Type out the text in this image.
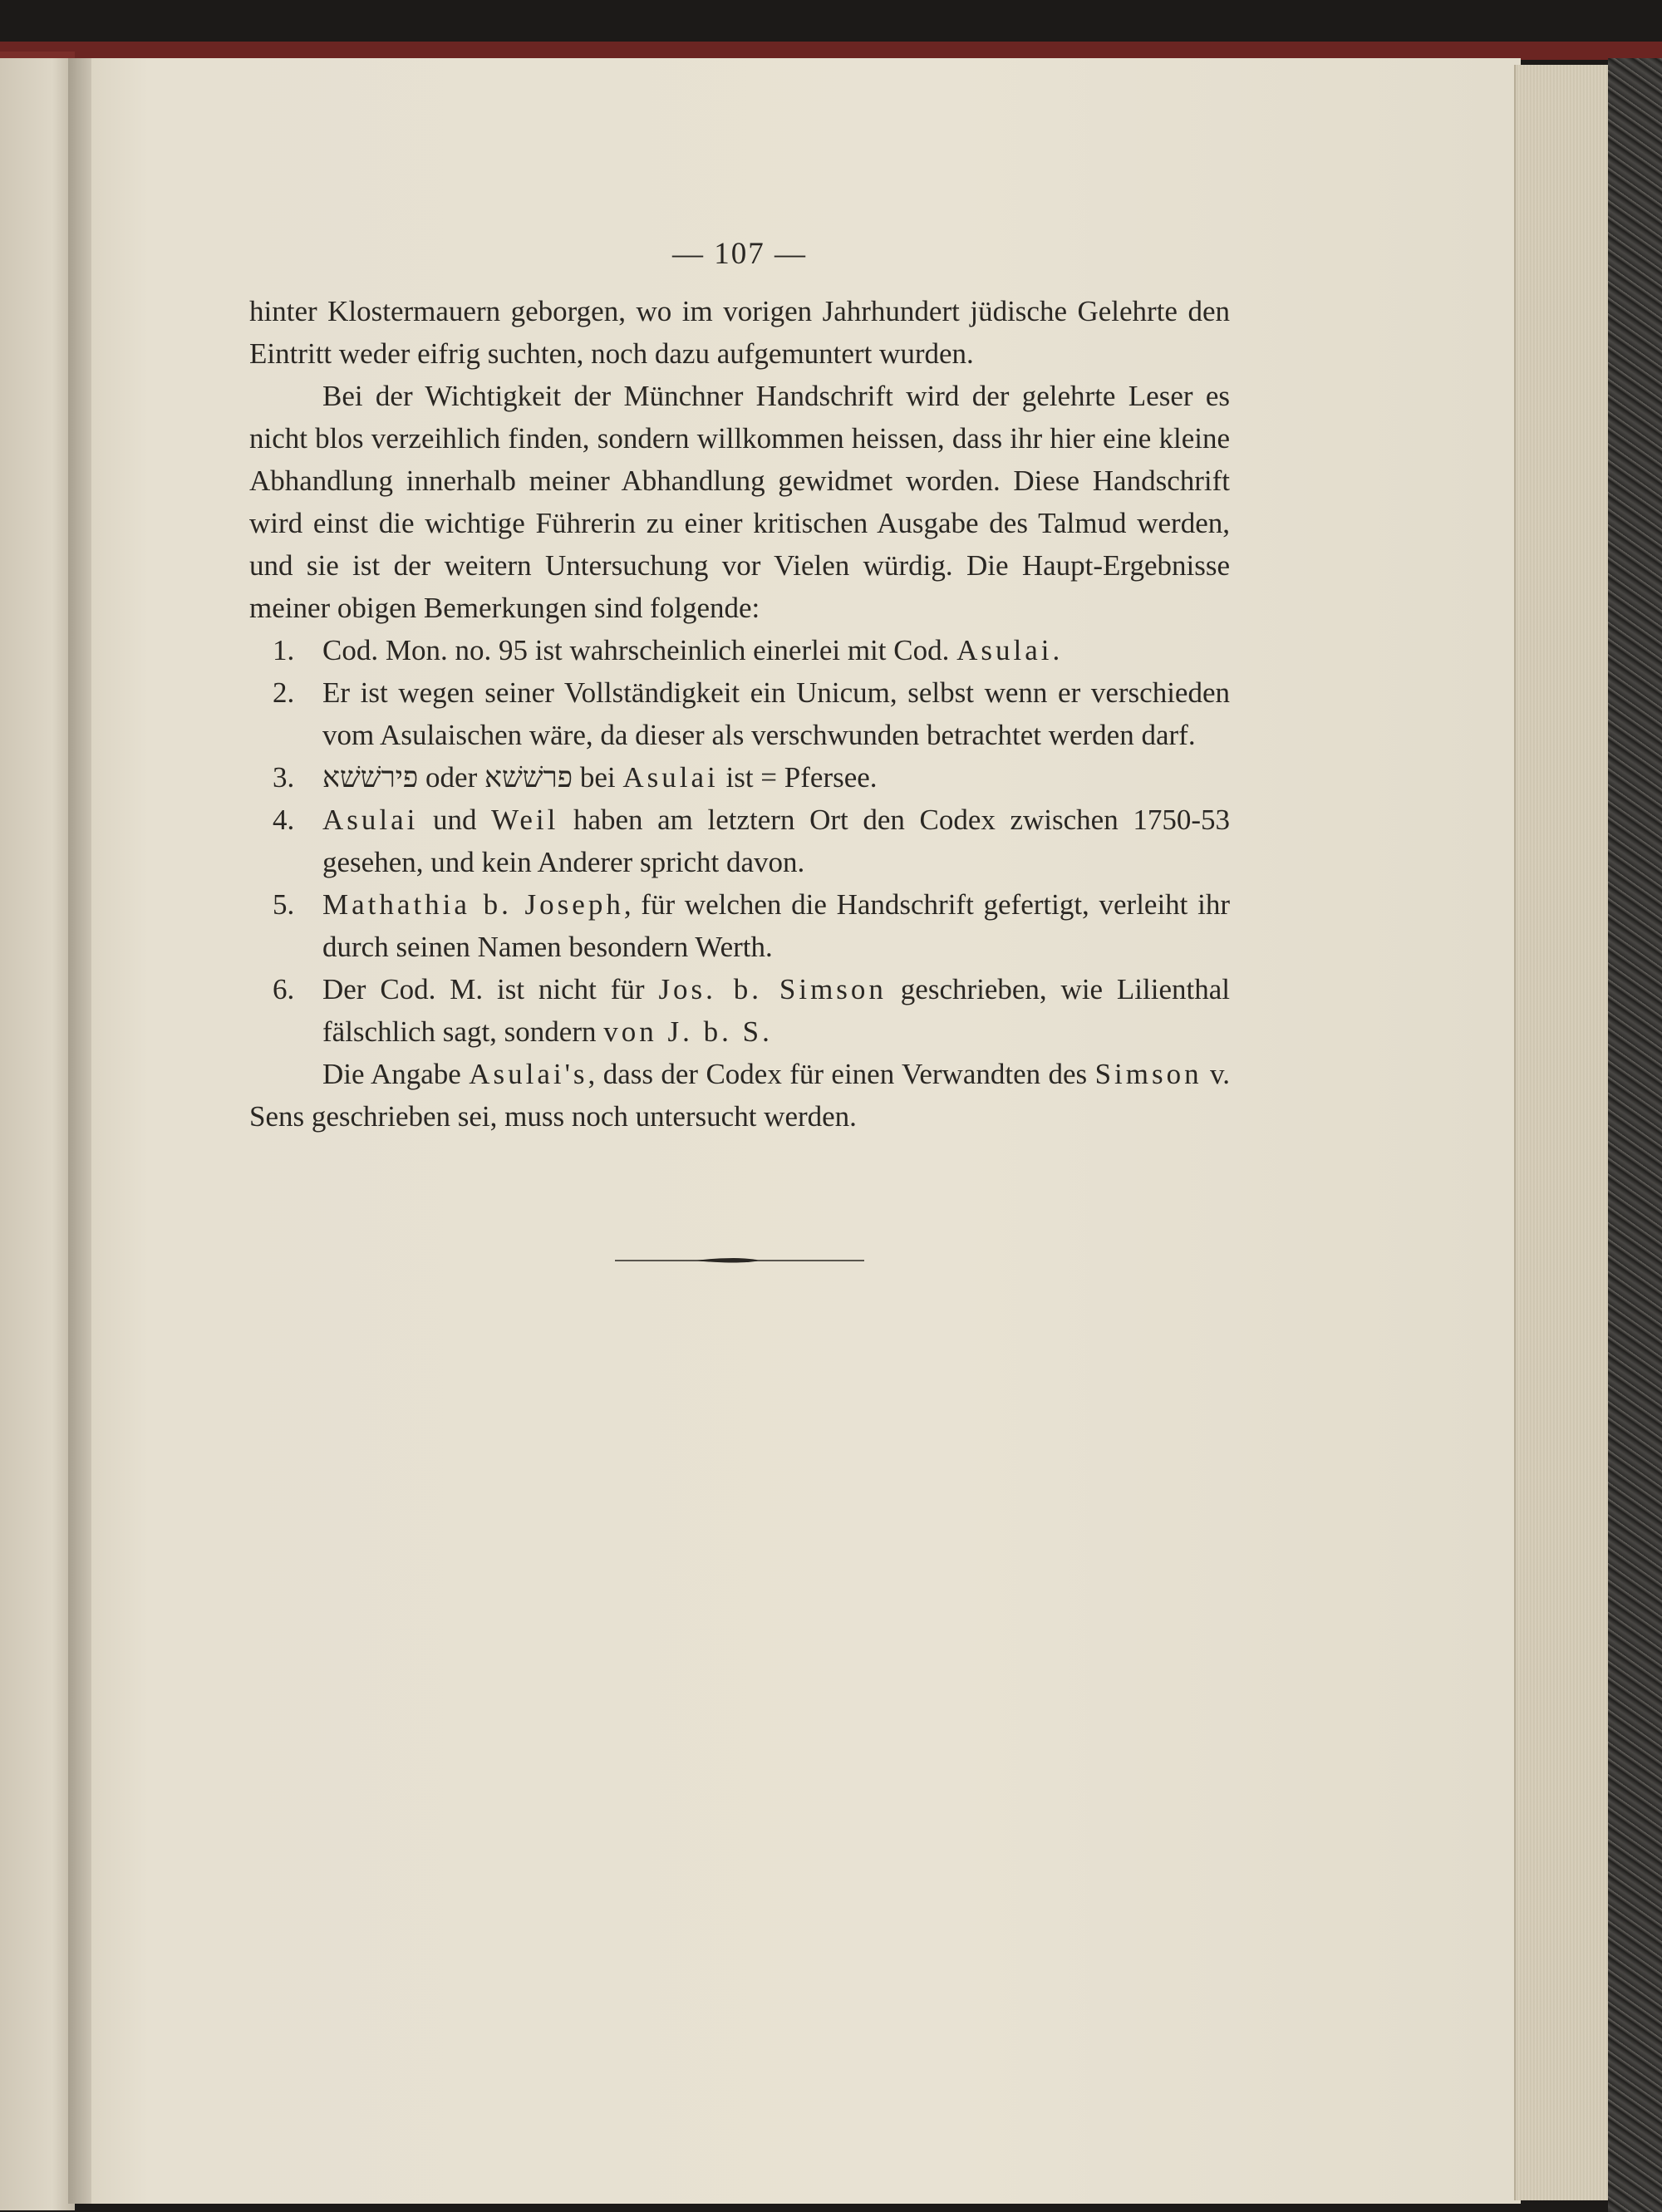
— 107 —

hinter Klostermauern geborgen, wo im vorigen Jahrhundert jüdische Gelehrte den Eintritt weder eifrig suchten, noch dazu aufgemuntert wurden.

Bei der Wichtigkeit der Münchner Handschrift wird der gelehrte Leser es nicht blos verzeihlich finden, sondern willkommen heissen, dass ihr hier eine kleine Abhandlung innerhalb meiner Abhandlung gewidmet worden. Diese Handschrift wird einst die wichtige Führerin zu einer kritischen Ausgabe des Talmud werden, und sie ist der weitern Untersuchung vor Vielen würdig. Die Haupt-Ergebnisse meiner obigen Bemerkungen sind folgende:

1. Cod. Mon. no. 95 ist wahrscheinlich einerlei mit Cod. Asulai.
2. Er ist wegen seiner Vollständigkeit ein Unicum, selbst wenn er verschieden vom Asulaischen wäre, da dieser als verschwunden betrachtet werden darf.
3. פירשׁשׁא oder פרשׁשׁא bei Asulai ist = Pfersee.
4. Asulai und Weil haben am letztern Ort den Codex zwischen 1750-53 gesehen, und kein Anderer spricht davon.
5. Mathathia b. Joseph, für welchen die Handschrift gefertigt, verleiht ihr durch seinen Namen besondern Werth.
6. Der Cod. M. ist nicht für Jos. b. Simson geschrieben, wie Lilienthal fälschlich sagt, sondern von J. b. S.

Die Angabe Asulai's, dass der Codex für einen Verwandten des Simson v. Sens geschrieben sei, muss noch untersucht werden.
